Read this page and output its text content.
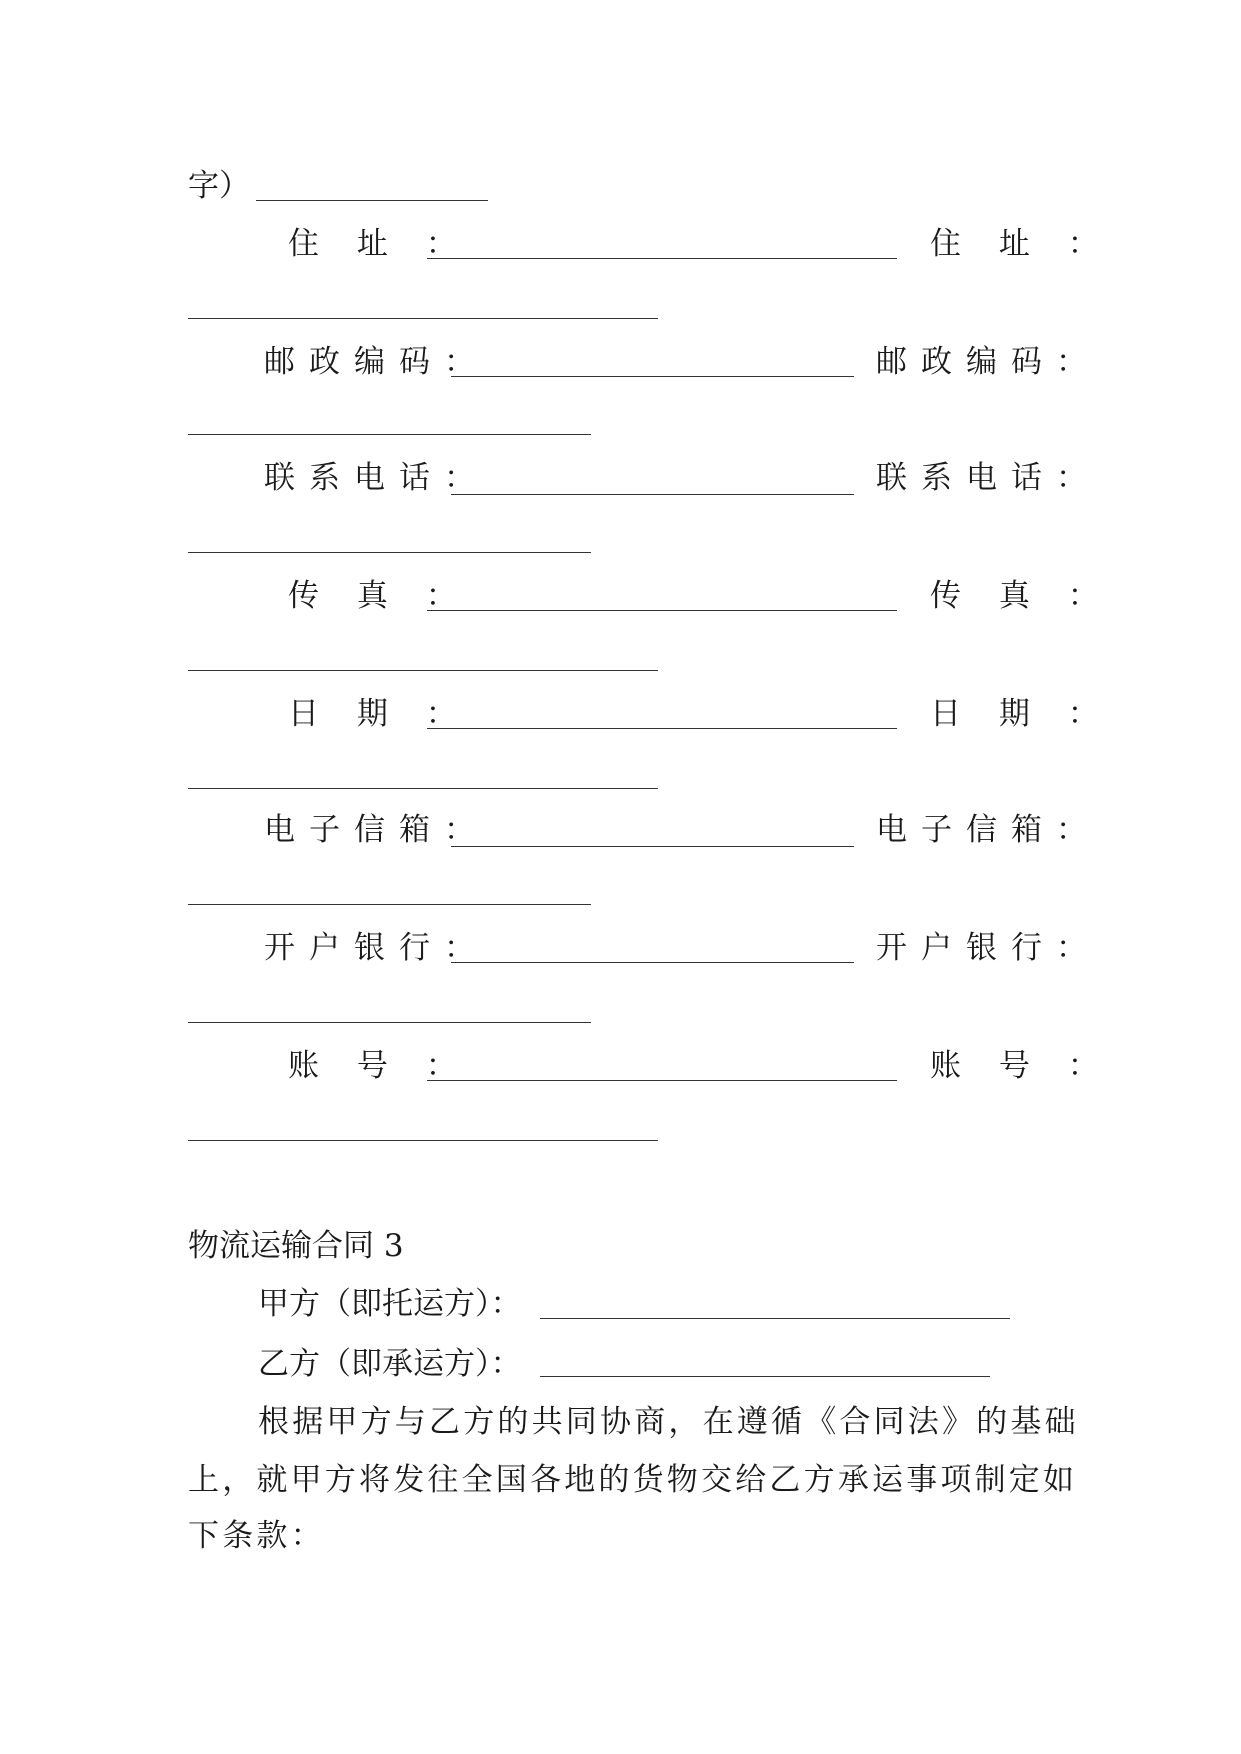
字）
住 址 ：	住 址 ：
邮政编码：	邮政编码：
联系电话：	联系电话：
传 真 ：	传 真 ：
日 期 ：	日 期 ：
电子信箱：	电子信箱：
开户银行：	开户银行：
账 号 ：	账 号 ：
物流运输合同 3
甲方（即托运方）：
乙方（即承运方）：
根据甲方与乙方的共同协商，在遵循《合同法》的基础
上，就甲方将发往全国各地的货物交给乙方承运事项制定如
下条款：
